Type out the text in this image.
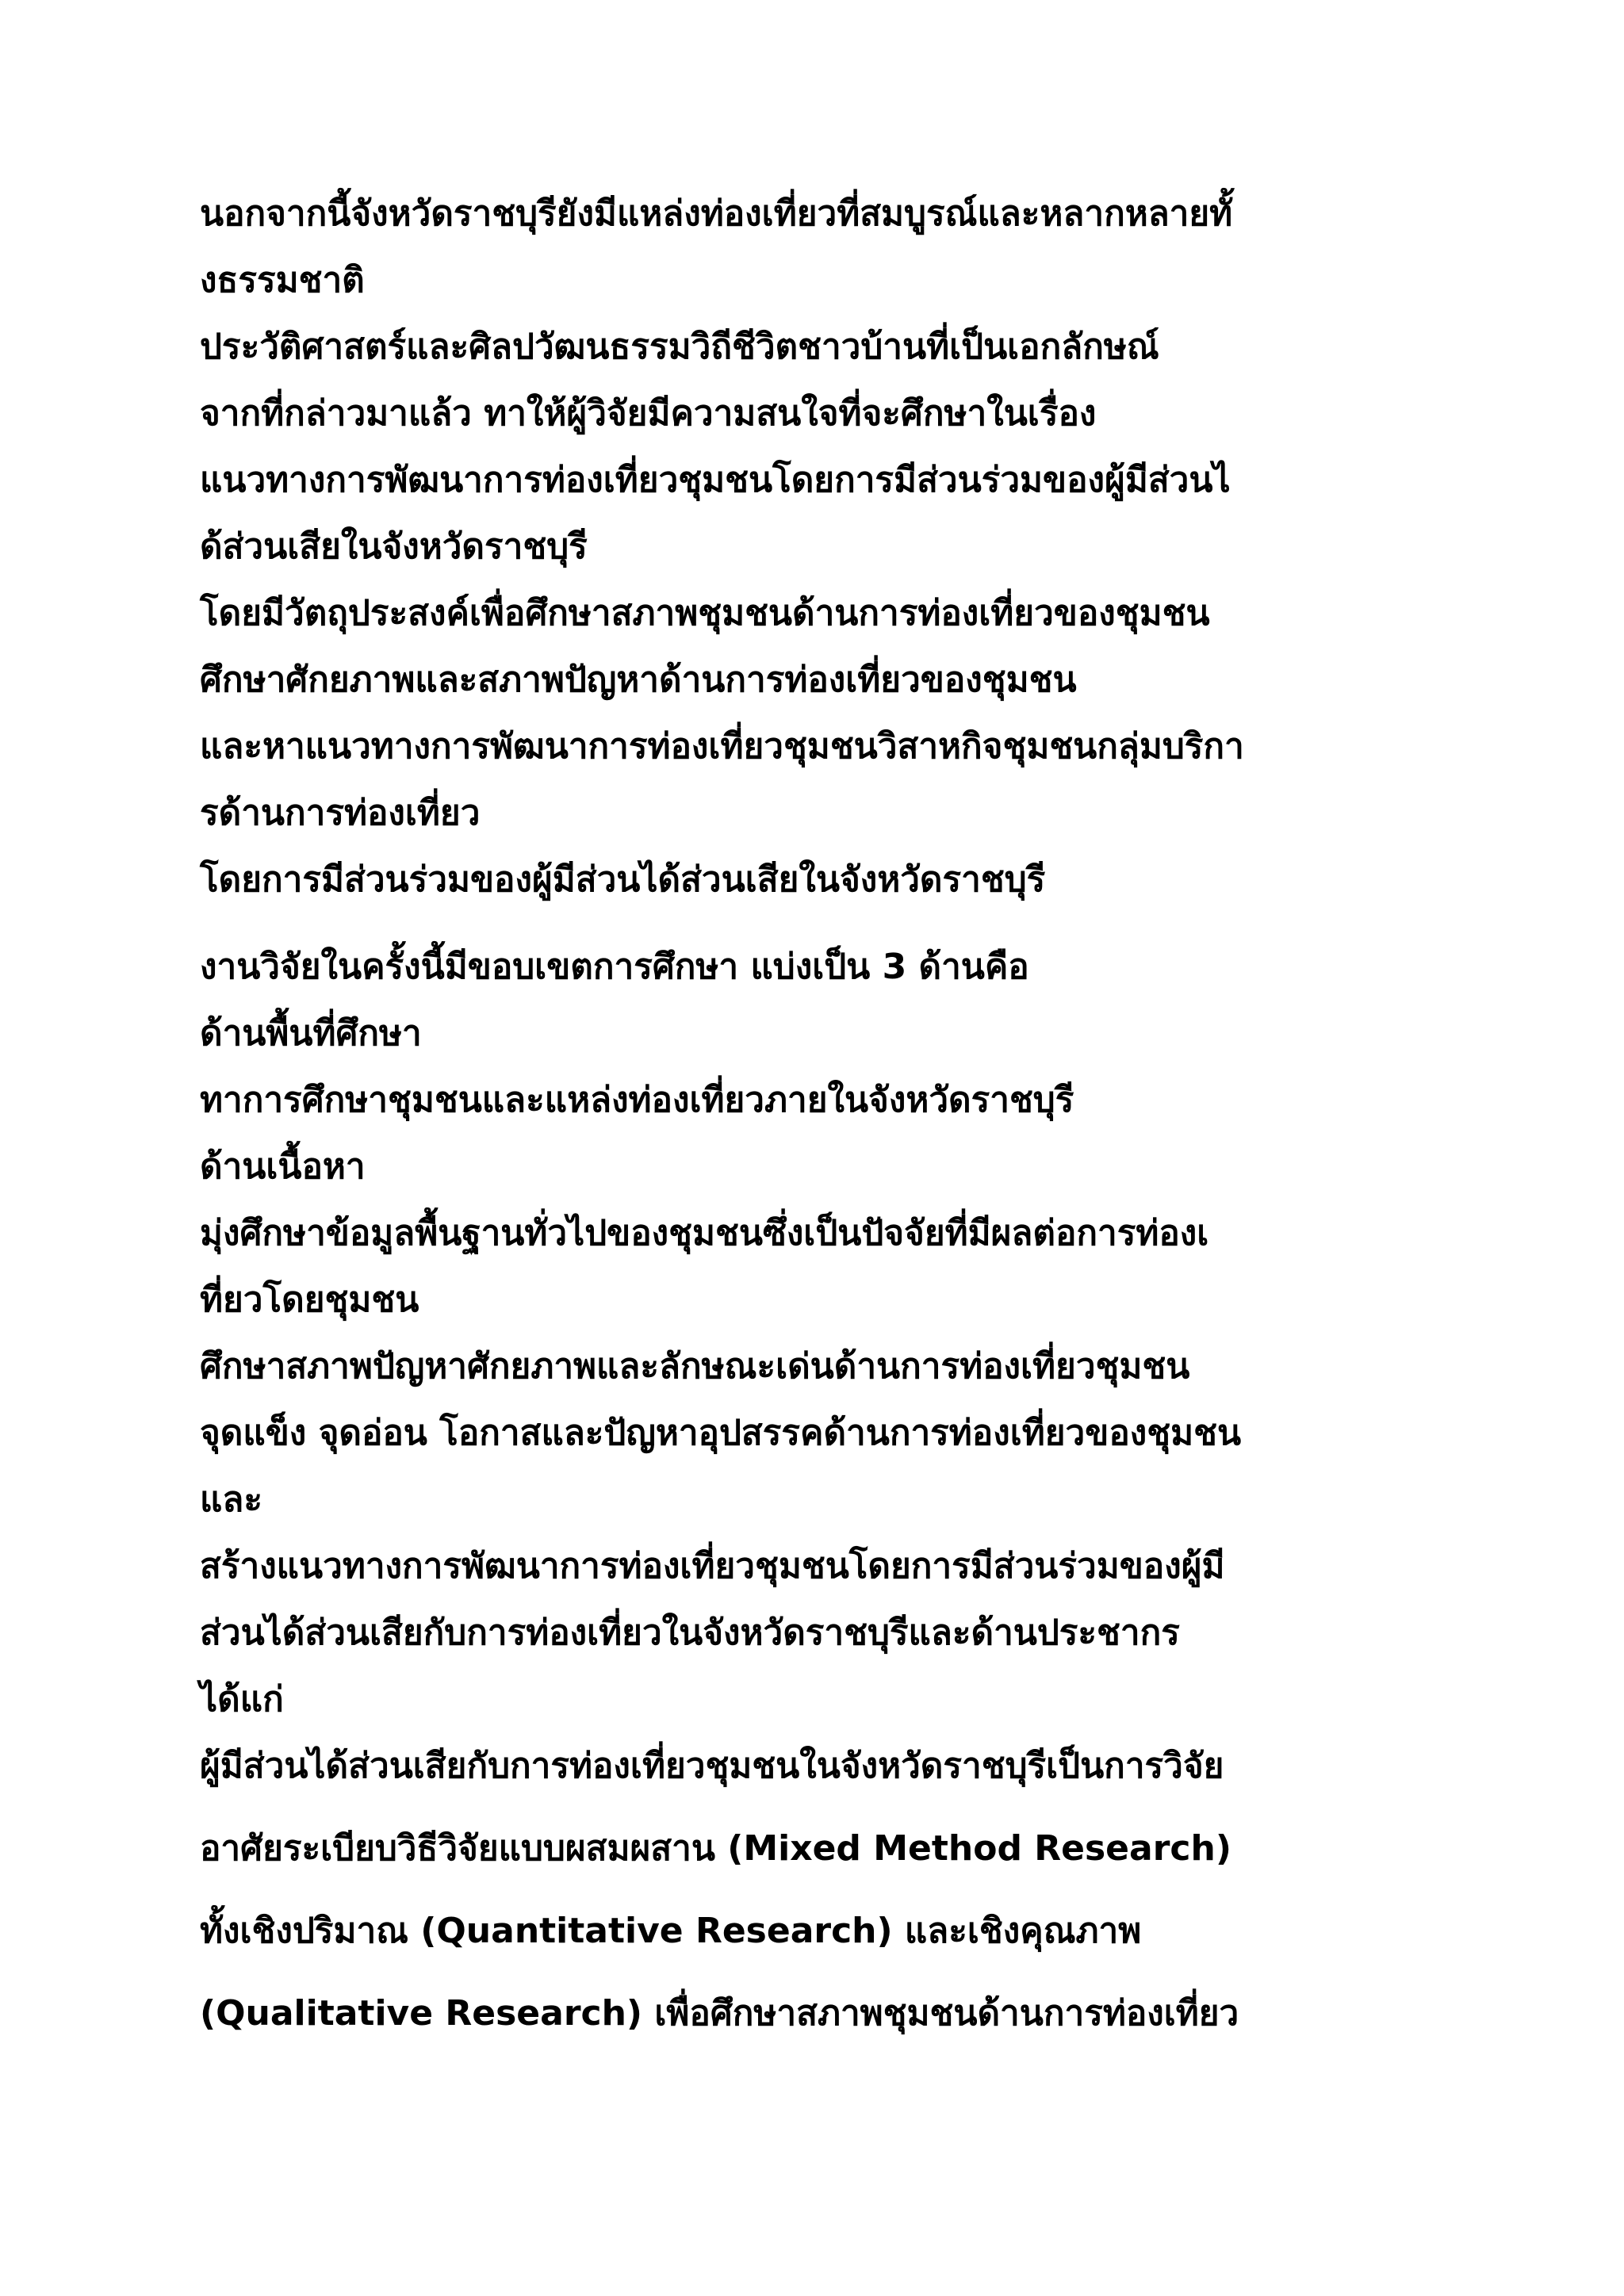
นอกจากนี้จังหวัดราชบุรียังมีแหล่งท่องเที่ยวที่สมบูรณ์และหลากหลายทั้
งธรรมชาติ
ประวัติศาสตร์และศิลปวัฒนธรรมวิถีชีวิตชาวบ้านที่เป็นเอกลักษณ์
จากที่กล่าวมาแล้ว ทาให้ผู้วิจัยมีความสนใจที่จะศึกษาในเรื่อง
แนวทางการพัฒนาการท่องเที่ยวชุมชนโดยการมีส่วนร่วมของผู้มีส่วนไ
ด้ส่วนเสียในจังหวัดราชบุรี
โดยมีวัตถุประสงค์เพื่อศึกษาสภาพชุมชนด้านการท่องเที่ยวของชุมชน
ศึกษาศักยภาพและสภาพปัญหาด้านการท่องเที่ยวของชุมชน
และหาแนวทางการพัฒนาการท่องเที่ยวชุมชนวิสาหกิจชุมชนกลุ่มบริกา
รด้านการท่องเที่ยว
โดยการมีส่วนร่วมของผู้มีส่วนได้ส่วนเสียในจังหวัดราชบุรี
งานวิจัยในครั้งนี้มีขอบเขตการศึกษา แบ่งเป็น 3 ด้านคือ
ด้านพื้นที่ศึกษา
ทาการศึกษาชุมชนและแหล่งท่องเที่ยวภายในจังหวัดราชบุรี
ด้านเนื้อหา
มุ่งศึกษาข้อมูลพื้นฐานทั่วไปของชุมชนซึ่งเป็นปัจจัยที่มีผลต่อการท่องเ
ที่ยวโดยชุมชน
ศึกษาสภาพปัญหาศักยภาพและลักษณะเด่นด้านการท่องเที่ยวชุมชน
จุดแข็ง จุดอ่อน โอกาสและปัญหาอุปสรรคด้านการท่องเที่ยวของชุมชน
และ
สร้างแนวทางการพัฒนาการท่องเที่ยวชุมชนโดยการมีส่วนร่วมของผู้มี
ส่วนได้ส่วนเสียกับการท่องเที่ยวในจังหวัดราชบุรีและด้านประชากร
ได้แก่
ผู้มีส่วนได้ส่วนเสียกับการท่องเที่ยวชุมชนในจังหวัดราชบุรีเป็นการวิจัย
อาศัยระเบียบวิธีวิจัยแบบผสมผสาน (Mixed Method Research)
ทั้งเชิงปริมาณ (Quantitative Research) และเชิงคุณภาพ
(Qualitative Research) เพื่อศึกษาสภาพชุมชนด้านการท่องเที่ยว
